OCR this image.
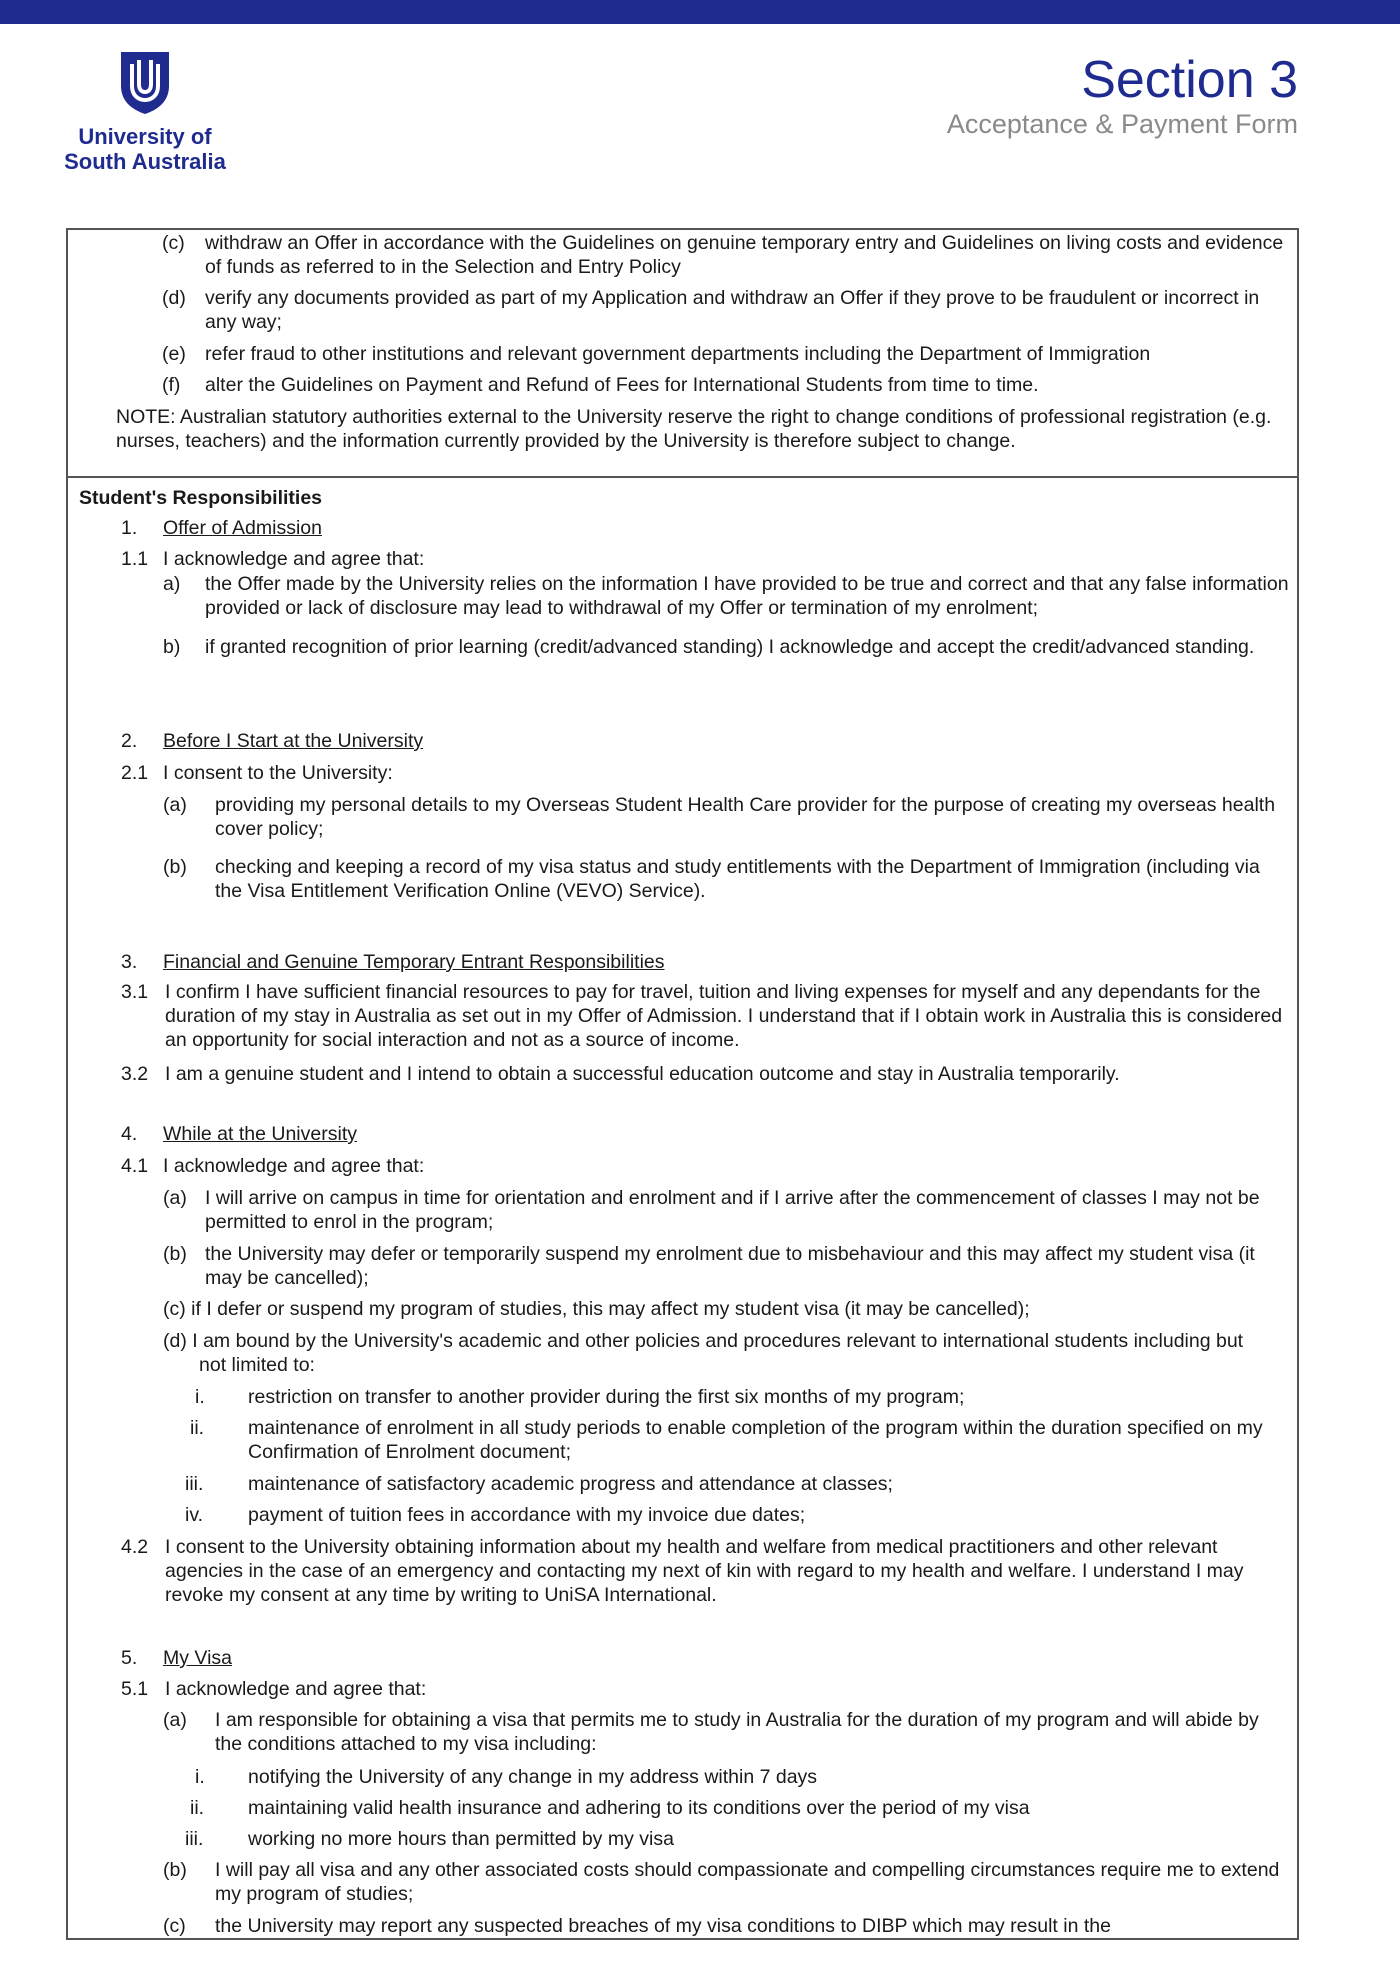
University of
South Australia
Section 3
Acceptance & Payment Form
(c) withdraw an Offer in accordance with the Guidelines on genuine temporary entry and Guidelines on living costs and evidence of funds as referred to in the Selection and Entry Policy
(d) verify any documents provided as part of my Application and withdraw an Offer if they prove to be fraudulent or incorrect in any way;
(e) refer fraud to other institutions and relevant government departments including the Department of Immigration
(f) alter the Guidelines on Payment and Refund of Fees for International Students from time to time.
NOTE: Australian statutory authorities external to the University reserve the right to change conditions of professional registration (e.g. nurses, teachers) and the information currently provided by the University is therefore subject to change.
Student's Responsibilities
1. Offer of Admission
1.1 I acknowledge and agree that:
a) the Offer made by the University relies on the information I have provided to be true and correct and that any false information provided or lack of disclosure may lead to withdrawal of my Offer or termination of my enrolment;
b) if granted recognition of prior learning (credit/advanced standing) I acknowledge and accept the credit/advanced standing.
2. Before I Start at the University
2.1 I consent to the University:
(a) providing my personal details to my Overseas Student Health Care provider for the purpose of creating my overseas health cover policy;
(b) checking and keeping a record of my visa status and study entitlements with the Department of Immigration (including via the Visa Entitlement Verification Online (VEVO) Service).
3. Financial and Genuine Temporary Entrant Responsibilities
3.1 I confirm I have sufficient financial resources to pay for travel, tuition and living expenses for myself and any dependants for the duration of my stay in Australia as set out in my Offer of Admission. I understand that if I obtain work in Australia this is considered an opportunity for social interaction and not as a source of income.
3.2 I am a genuine student and I intend to obtain a successful education outcome and stay in Australia temporarily.
4. While at the University
4.1 I acknowledge and agree that:
(a) I will arrive on campus in time for orientation and enrolment and if I arrive after the commencement of classes I may not be permitted to enrol in the program;
(b) the University may defer or temporarily suspend my enrolment due to misbehaviour and this may affect my student visa (it may be cancelled);
(c) if I defer or suspend my program of studies, this may affect my student visa (it may be cancelled);
(d) I am bound by the University's academic and other policies and procedures relevant to international students including but not limited to:
i. restriction on transfer to another provider during the first six months of my program;
ii. maintenance of enrolment in all study periods to enable completion of the program within the duration specified on my Confirmation of Enrolment document;
iii. maintenance of satisfactory academic progress and attendance at classes;
iv. payment of tuition fees in accordance with my invoice due dates;
4.2 I consent to the University obtaining information about my health and welfare from medical practitioners and other relevant agencies in the case of an emergency and contacting my next of kin with regard to my health and welfare. I understand I may revoke my consent at any time by writing to UniSA International.
5. My Visa
5.1 I acknowledge and agree that:
(a) I am responsible for obtaining a visa that permits me to study in Australia for the duration of my program and will abide by the conditions attached to my visa including:
i. notifying the University of any change in my address within 7 days
ii. maintaining valid health insurance and adhering to its conditions over the period of my visa
iii. working no more hours than permitted by my visa
(b) I will pay all visa and any other associated costs should compassionate and compelling circumstances require me to extend my program of studies;
(c) the University may report any suspected breaches of my visa conditions to DIBP which may result in the
